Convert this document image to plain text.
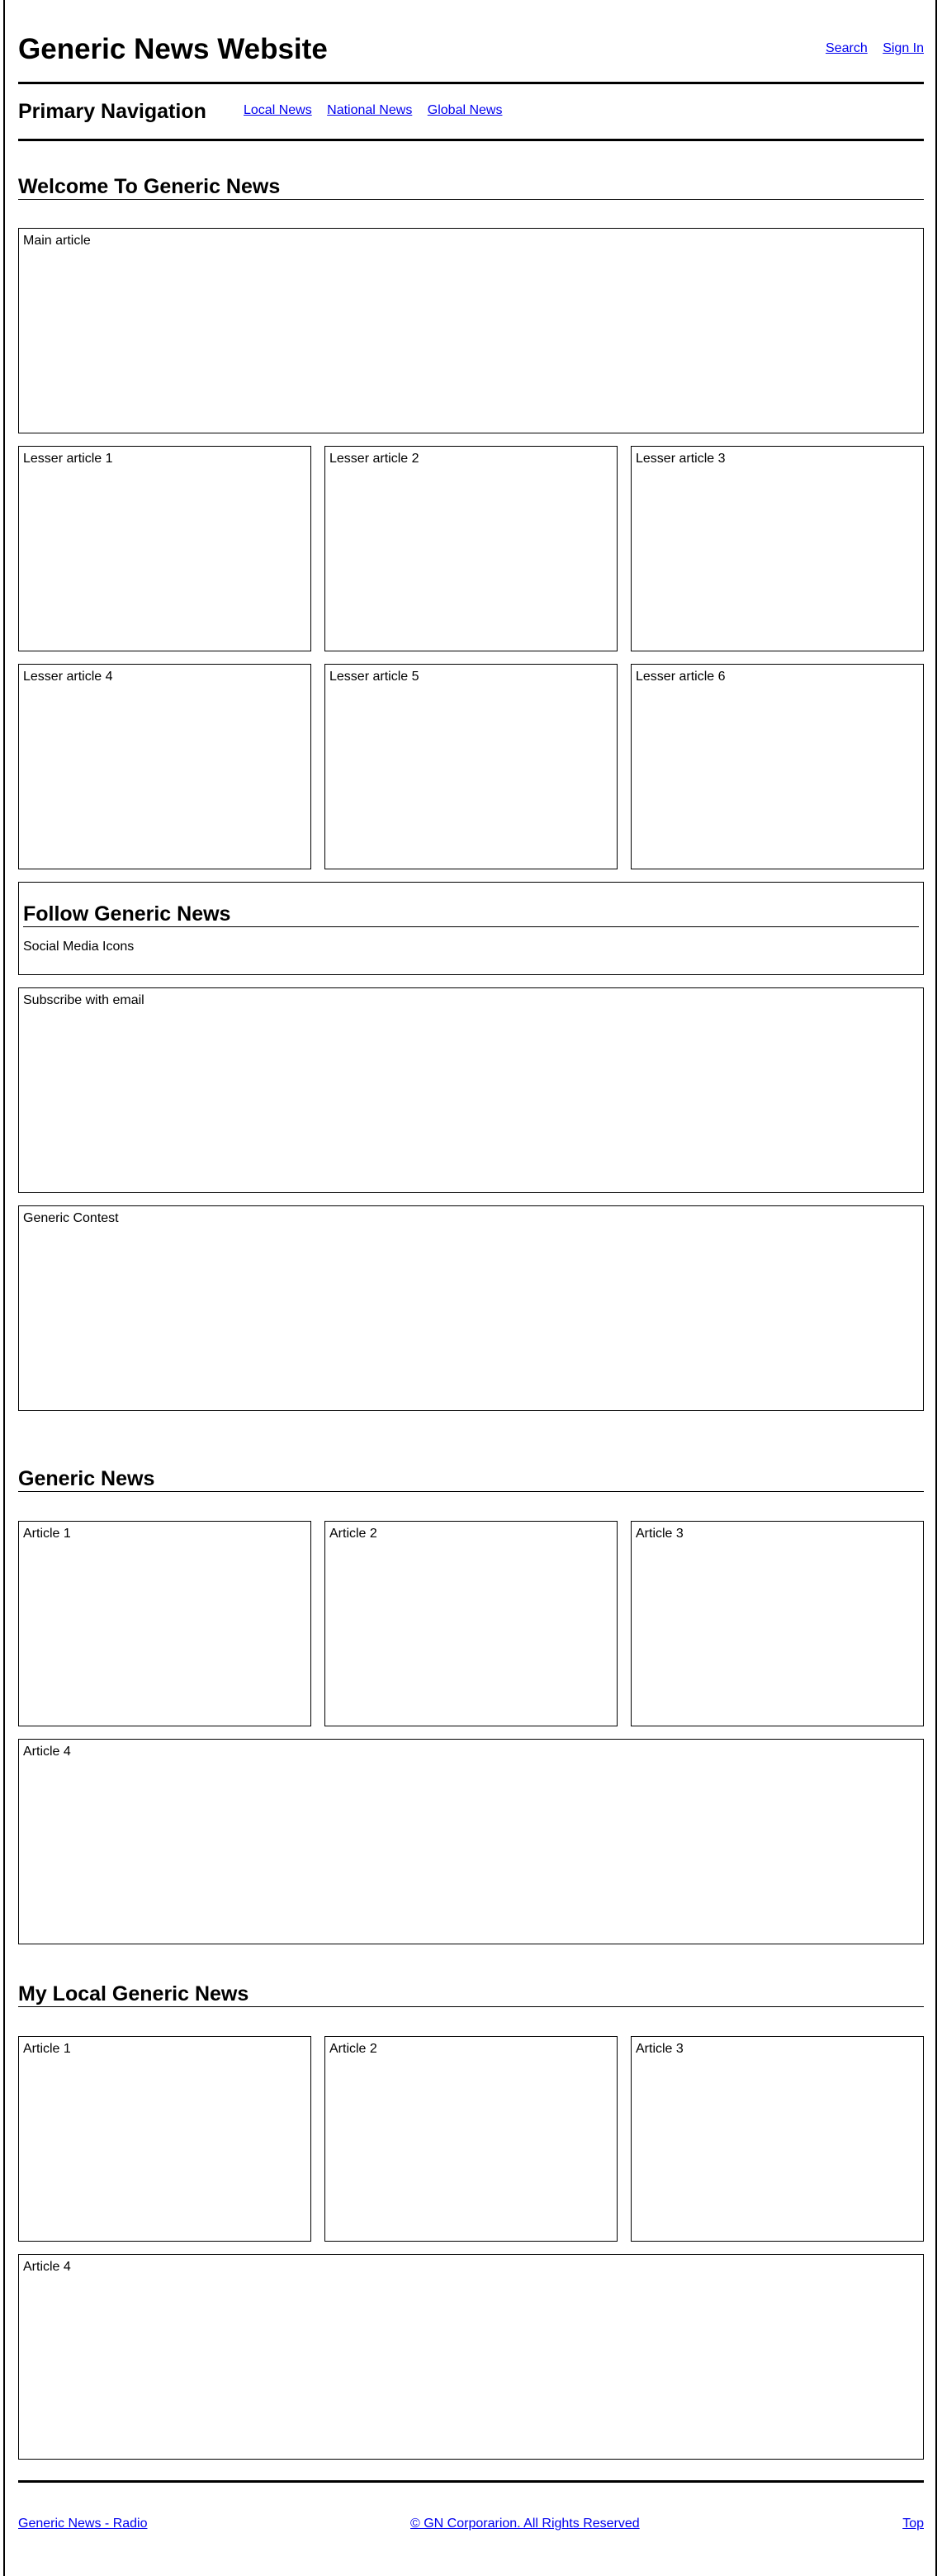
Generic News Website	Search Sign In
Primary Navigation	Local News National News Global News
Welcome To Generic News
Main article
Lesser article 1	Lesser article 2	Lesser article 3
Lesser article 4	Lesser article 5	Lesser article 6
Follow Generic News
Social Media Icons
Subscribe with email
Generic Contest
Generic News
Article 1	Article 2	Article 3
Article 4
My Local Generic News
Article 1	Article 2	Article 3
Article 4
Generic News - Radio	© GN Corporarion. All Rights Reserved	Top
